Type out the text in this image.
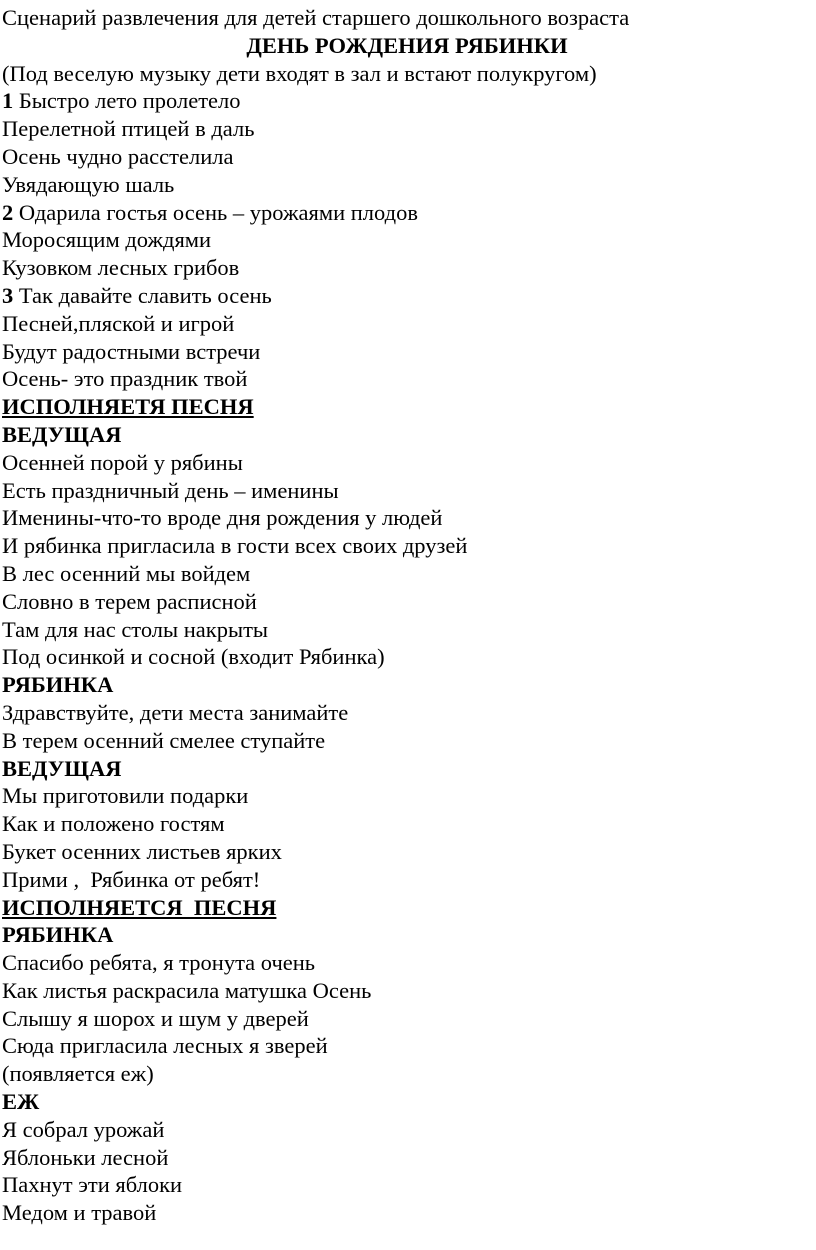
Сценарий развлечения для детей старшего дошкольного возраста
ДЕНЬ РОЖДЕНИЯ РЯБИНКИ
(Под веселую музыку дети входят в зал и встают полукругом)
1 Быстро лето пролетело
Перелетной птицей в даль
Осень чудно расстелила
Увядающую шаль
2 Одарила гостья осень – урожаями плодов
Моросящим дождями
Кузовком лесных грибов
3 Так давайте славить осень
Песней,пляской и игрой
Будут радостными встречи
Осень- это праздник твой
ИСПОЛНЯЕТЯ ПЕСНЯ
ВЕДУЩАЯ
Осенней порой у рябины
Есть праздничный день – именины
Именины-что-то вроде дня рождения у людей
И рябинка пригласила в гости всех своих друзей
В лес осенний мы войдем
Словно в терем расписной
Там для нас столы накрыты
Под осинкой и сосной (входит Рябинка)
РЯБИНКА
Здравствуйте, дети места занимайте
В терем осенний смелее ступайте
ВЕДУЩАЯ
Мы приготовили подарки
Как и положено гостям
Букет осенних листьев ярких
Прими ,  Рябинка от ребят!
ИСПОЛНЯЕТСЯ  ПЕСНЯ
РЯБИНКА
Спасибо ребята, я тронута очень
Как листья раскрасила матушка Осень
Слышу я шорох и шум у дверей
Сюда пригласила лесных я зверей
(появляется еж)
ЕЖ
Я собрал урожай
Яблоньки лесной
Пахнут эти яблоки
Медом и травой
